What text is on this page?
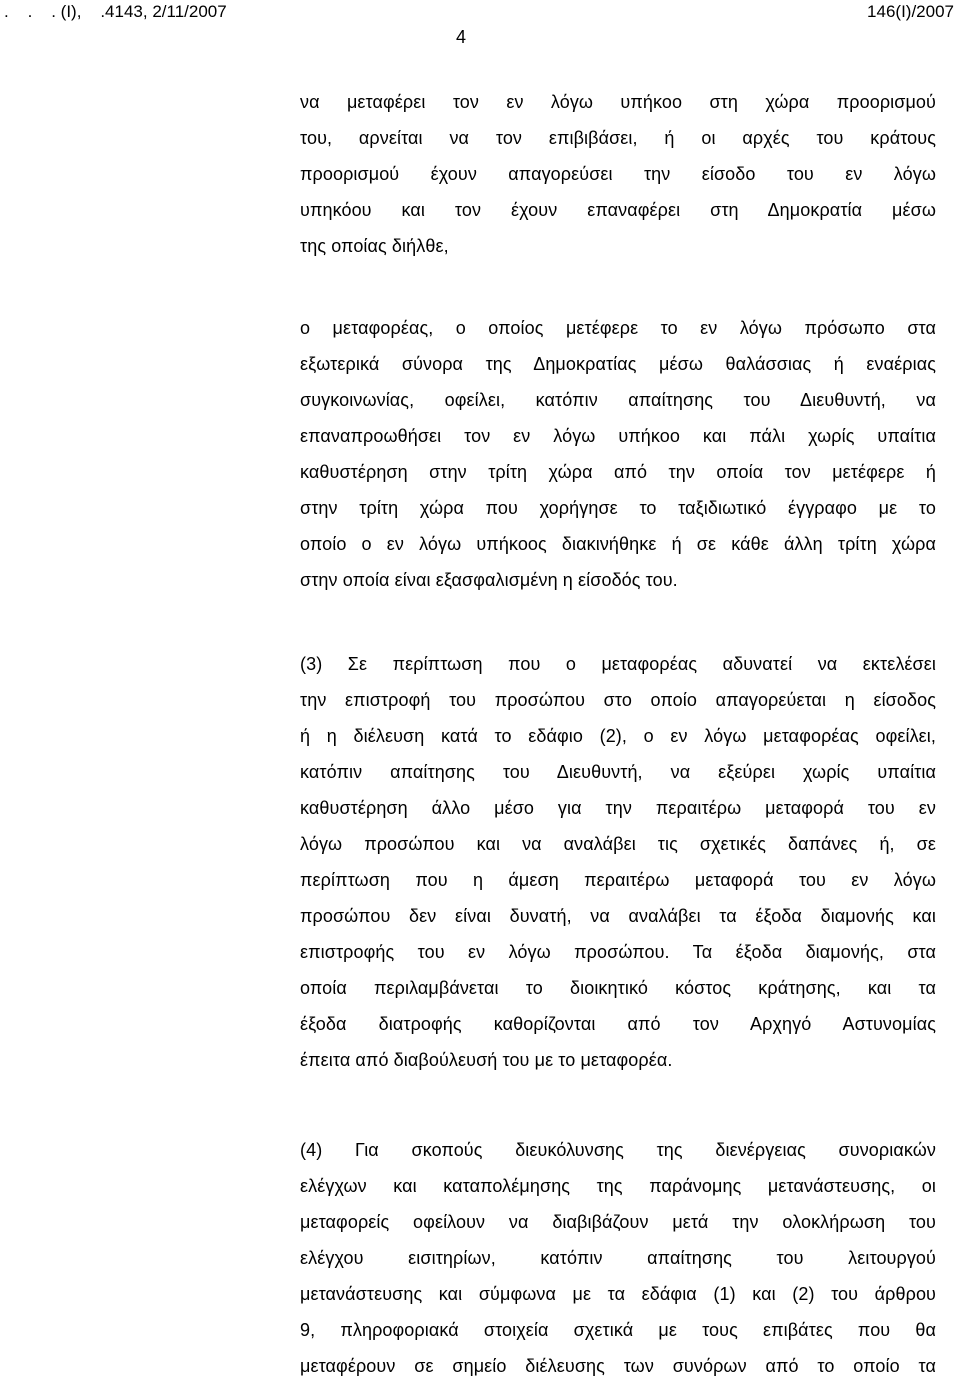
.    .    . (Ι),    .4143, 2/11/2007	146(Ι)/2007
4
να μεταφέρει τον εν λόγω υπήκοο στη χώρα προορισμού
του, αρνείται να τον επιβιβάσει, ή οι αρχές του κράτους
προορισμού έχουν απαγορεύσει την είσοδο του εν λόγω
υπηκόου και τον έχουν επαναφέρει στη Δημοκρατία μέσω
της οποίας διήλθε,
ο μεταφορέας, ο οποίος μετέφερε το εν λόγω πρόσωπο στα
εξωτερικά σύνορα της Δημοκρατίας μέσω θαλάσσιας ή εναέριας
συγκοινωνίας, οφείλει, κατόπιν απαίτησης του Διευθυντή, να
επαναπροωθήσει τον εν λόγω υπήκοο και πάλι χωρίς υπαίτια
καθυστέρηση στην τρίτη χώρα από την οποία τον μετέφερε ή
στην τρίτη χώρα που χορήγησε το ταξιδιωτικό έγγραφο με το
οποίο ο εν λόγω υπήκοος διακινήθηκε ή σε κάθε άλλη τρίτη χώρα
στην οποία είναι εξασφαλισμένη η είσοδός του.
(3) Σε περίπτωση που ο μεταφορέας αδυνατεί να εκτελέσει
την επιστροφή του προσώπου στο οποίο απαγορεύεται η είσοδος
ή η διέλευση κατά το εδάφιο (2), ο εν λόγω μεταφορέας οφείλει,
κατόπιν απαίτησης του Διευθυντή, να εξεύρει χωρίς υπαίτια
καθυστέρηση άλλο μέσο για την περαιτέρω μεταφορά του εν
λόγω προσώπου και να αναλάβει τις σχετικές δαπάνες ή, σε
περίπτωση που η άμεση περαιτέρω μεταφορά του εν λόγω
προσώπου δεν είναι δυνατή, να αναλάβει τα έξοδα διαμονής και
επιστροφής του εν λόγω προσώπου. Τα έξοδα διαμονής, στα
οποία περιλαμβάνεται το διοικητικό κόστος κράτησης, και τα
έξοδα διατροφής καθορίζονται από τον Αρχηγό Αστυνομίας
έπειτα από διαβούλευσή του με το μεταφορέα.
(4) Για σκοπούς διευκόλυνσης της διενέργειας συνοριακών
ελέγχων και καταπολέμησης της παράνομης μετανάστευσης, οι
μεταφορείς οφείλουν να διαβιβάζουν μετά την ολοκλήρωση του
ελέγχου εισιτηρίων, κατόπιν απαίτησης του λειτουργού
μετανάστευσης και σύμφωνα με τα εδάφια (1) και (2) του άρθρου
9, πληροφοριακά στοιχεία σχετικά με τους επιβάτες που θα
μεταφέρουν σε σημείο διέλευσης των συνόρων από το οποίο τα
